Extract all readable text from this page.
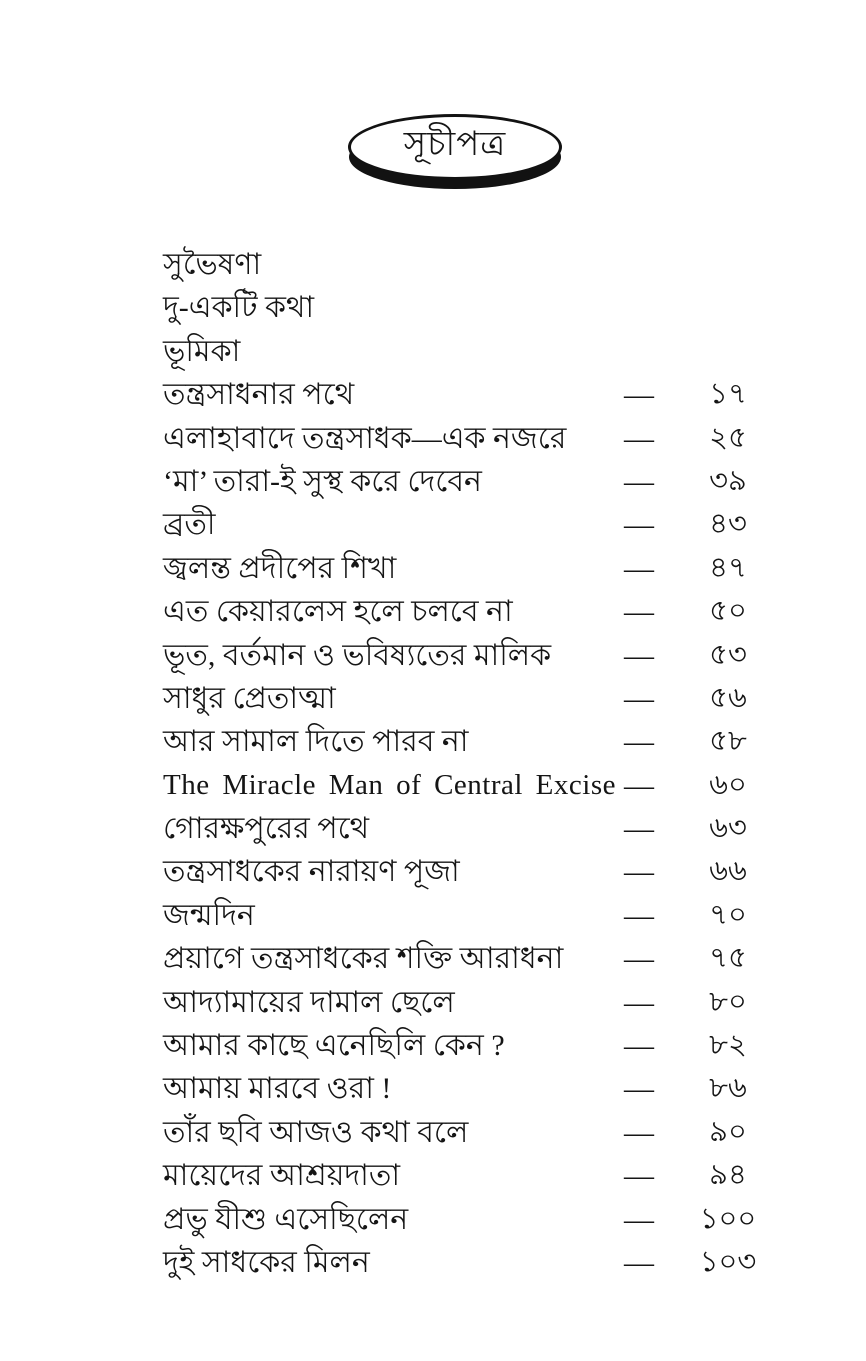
সূচীপত্র
সুভৈষণা
দু-একটি কথা
ভূমিকা
তন্ত্রসাধনার পথে	—	১৭
এলাহাবাদে তন্ত্রসাধক—এক নজরে	—	২৫
‘মা’ তারা-ই সুস্থ করে দেবেন	—	৩৯
ব্রতী	—	৪৩
জ্বলন্ত প্রদীপের শিখা	—	৪৭
এত কেয়ারলেস হলে চলবে না	—	৫০
ভূত, বর্তমান ও ভবিষ্যতের মালিক	—	৫৩
সাধুর প্রেতাত্মা	—	৫৬
আর সামাল দিতে পারব না	—	৫৮
The Miracle Man of Central Excise —	৬০
গোরক্ষপুরের পথে	—	৬৩
তন্ত্রসাধকের নারায়ণ পূজা	—	৬৬
জন্মদিন	—	৭০
প্রয়াগে তন্ত্রসাধকের শক্তি আরাধনা	—	৭৫
আদ্যামায়ের দামাল ছেলে	—	৮০
আমার কাছে এনেছিলি কেন ?	—	৮২
আমায় মারবে ওরা !	—	৮৬
তাঁর ছবি আজও কথা বলে	—	৯০
মায়েদের আশ্রয়দাতা	—	৯৪
প্রভু যীশু এসেছিলেন	—	১০০
দুই সাধকের মিলন	—	১০৩
